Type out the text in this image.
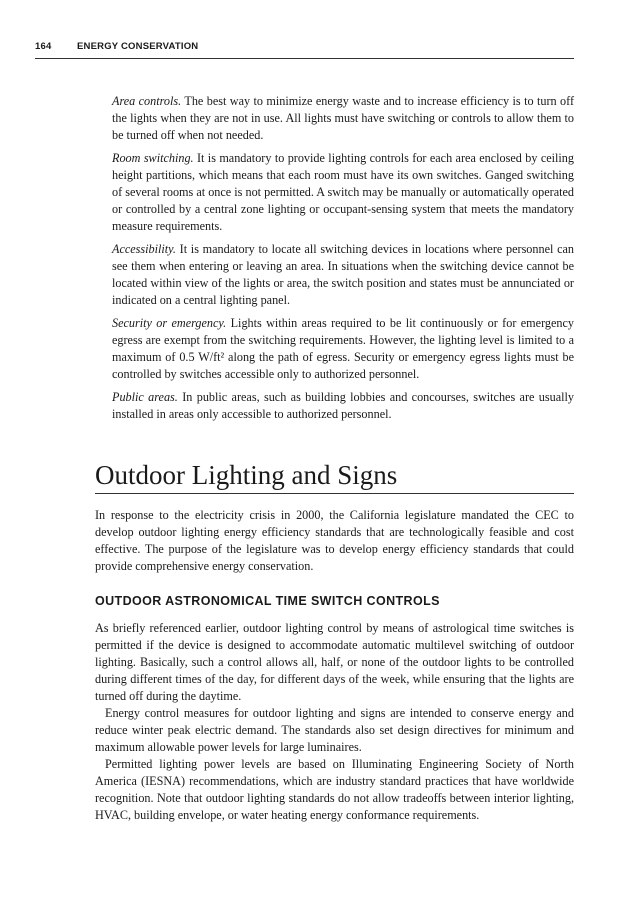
164	ENERGY CONSERVATION

Area controls. The best way to minimize energy waste and to increase efficiency is to turn off the lights when they are not in use. All lights must have switching or controls to allow them to be turned off when not needed.

Room switching. It is mandatory to provide lighting controls for each area enclosed by ceiling height partitions, which means that each room must have its own switches. Ganged switching of several rooms at once is not permitted. A switch may be manually or automatically operated or controlled by a central zone lighting or occupant-sensing system that meets the mandatory measure requirements.

Accessibility. It is mandatory to locate all switching devices in locations where personnel can see them when entering or leaving an area. In situations when the switching device cannot be located within view of the lights or area, the switch position and states must be annunciated or indicated on a central lighting panel.

Security or emergency. Lights within areas required to be lit continuously or for emergency egress are exempt from the switching requirements. However, the lighting level is limited to a maximum of 0.5 W/ft² along the path of egress. Security or emergency egress lights must be controlled by switches accessible only to authorized personnel.

Public areas. In public areas, such as building lobbies and concourses, switches are usually installed in areas only accessible to authorized personnel.

Outdoor Lighting and Signs

In response to the electricity crisis in 2000, the California legislature mandated the CEC to develop outdoor lighting energy efficiency standards that are technologically feasible and cost effective. The purpose of the legislature was to develop energy efficiency standards that could provide comprehensive energy conservation.

OUTDOOR ASTRONOMICAL TIME SWITCH CONTROLS

As briefly referenced earlier, outdoor lighting control by means of astrological time switches is permitted if the device is designed to accommodate automatic multilevel switching of outdoor lighting. Basically, such a control allows all, half, or none of the outdoor lights to be controlled during different times of the day, for different days of the week, while ensuring that the lights are turned off during the daytime.

Energy control measures for outdoor lighting and signs are intended to conserve energy and reduce winter peak electric demand. The standards also set design directives for minimum and maximum allowable power levels for large luminaires.

Permitted lighting power levels are based on Illuminating Engineering Society of North America (IESNA) recommendations, which are industry standard practices that have worldwide recognition. Note that outdoor lighting standards do not allow tradeoffs between interior lighting, HVAC, building envelope, or water heating energy conformance requirements.
